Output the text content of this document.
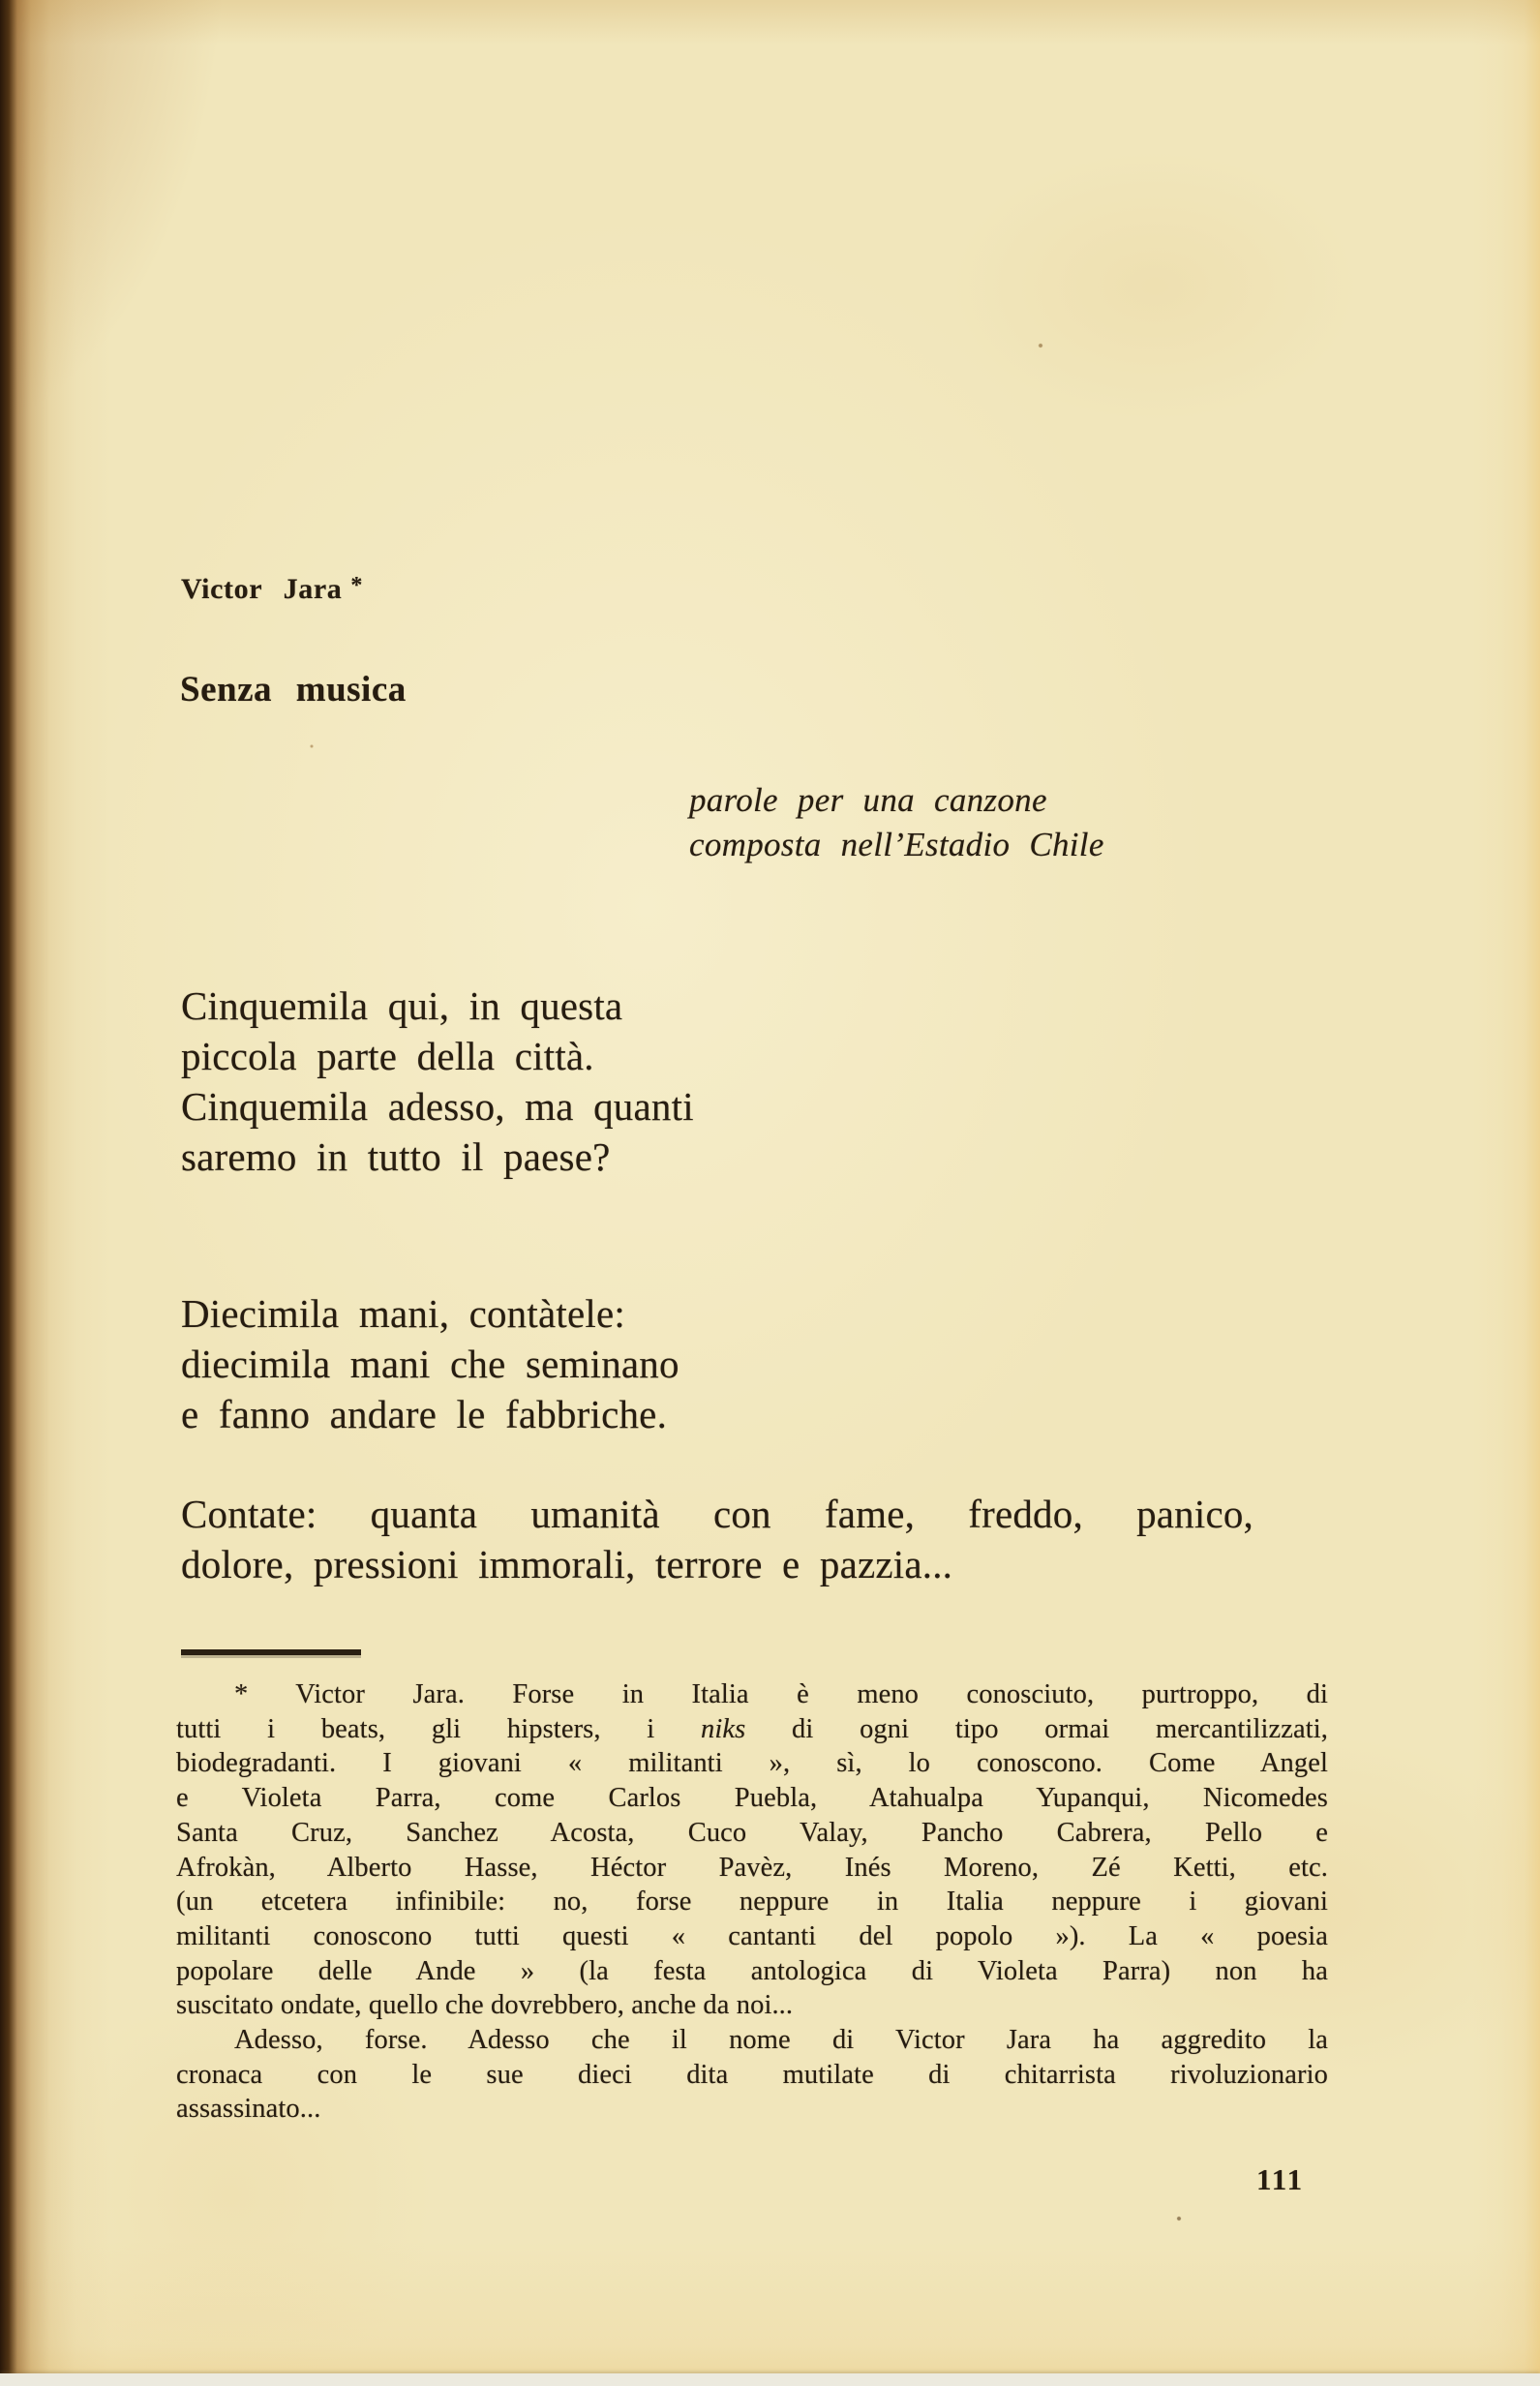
Victor Jara *
Senza musica
parole per una canzone
composta nell’Estadio Chile
Cinquemila qui, in questa
piccola parte della città.
Cinquemila adesso, ma quanti
saremo in tutto il paese?
Diecimila mani, contàtele:
diecimila mani che seminano
e fanno andare le fabbriche.
Contate: quanta umanità con fame, freddo, panico,
dolore, pressioni immorali, terrore e pazzia...
* Victor Jara. Forse in Italia è meno conosciuto, purtroppo, di
tutti i beats, gli hipsters, i niks di ogni tipo ormai mercantilizzati,
biodegradanti. I giovani « militanti », sì, lo conoscono. Come Angel
e Violeta Parra, come Carlos Puebla, Atahualpa Yupanqui, Nicomedes
Santa Cruz, Sanchez Acosta, Cuco Valay, Pancho Cabrera, Pello e
Afrokàn, Alberto Hasse, Héctor Pavèz, Inés Moreno, Zé Ketti, etc.
(un etcetera infinibile: no, forse neppure in Italia neppure i giovani
militanti conoscono tutti questi « cantanti del popolo »). La « poesia
popolare delle Ande » (la festa antologica di Violeta Parra) non ha
suscitato ondate, quello che dovrebbero, anche da noi...
Adesso, forse. Adesso che il nome di Victor Jara ha aggredito la
cronaca con le sue dieci dita mutilate di chitarrista rivoluzionario
assassinato...
111
